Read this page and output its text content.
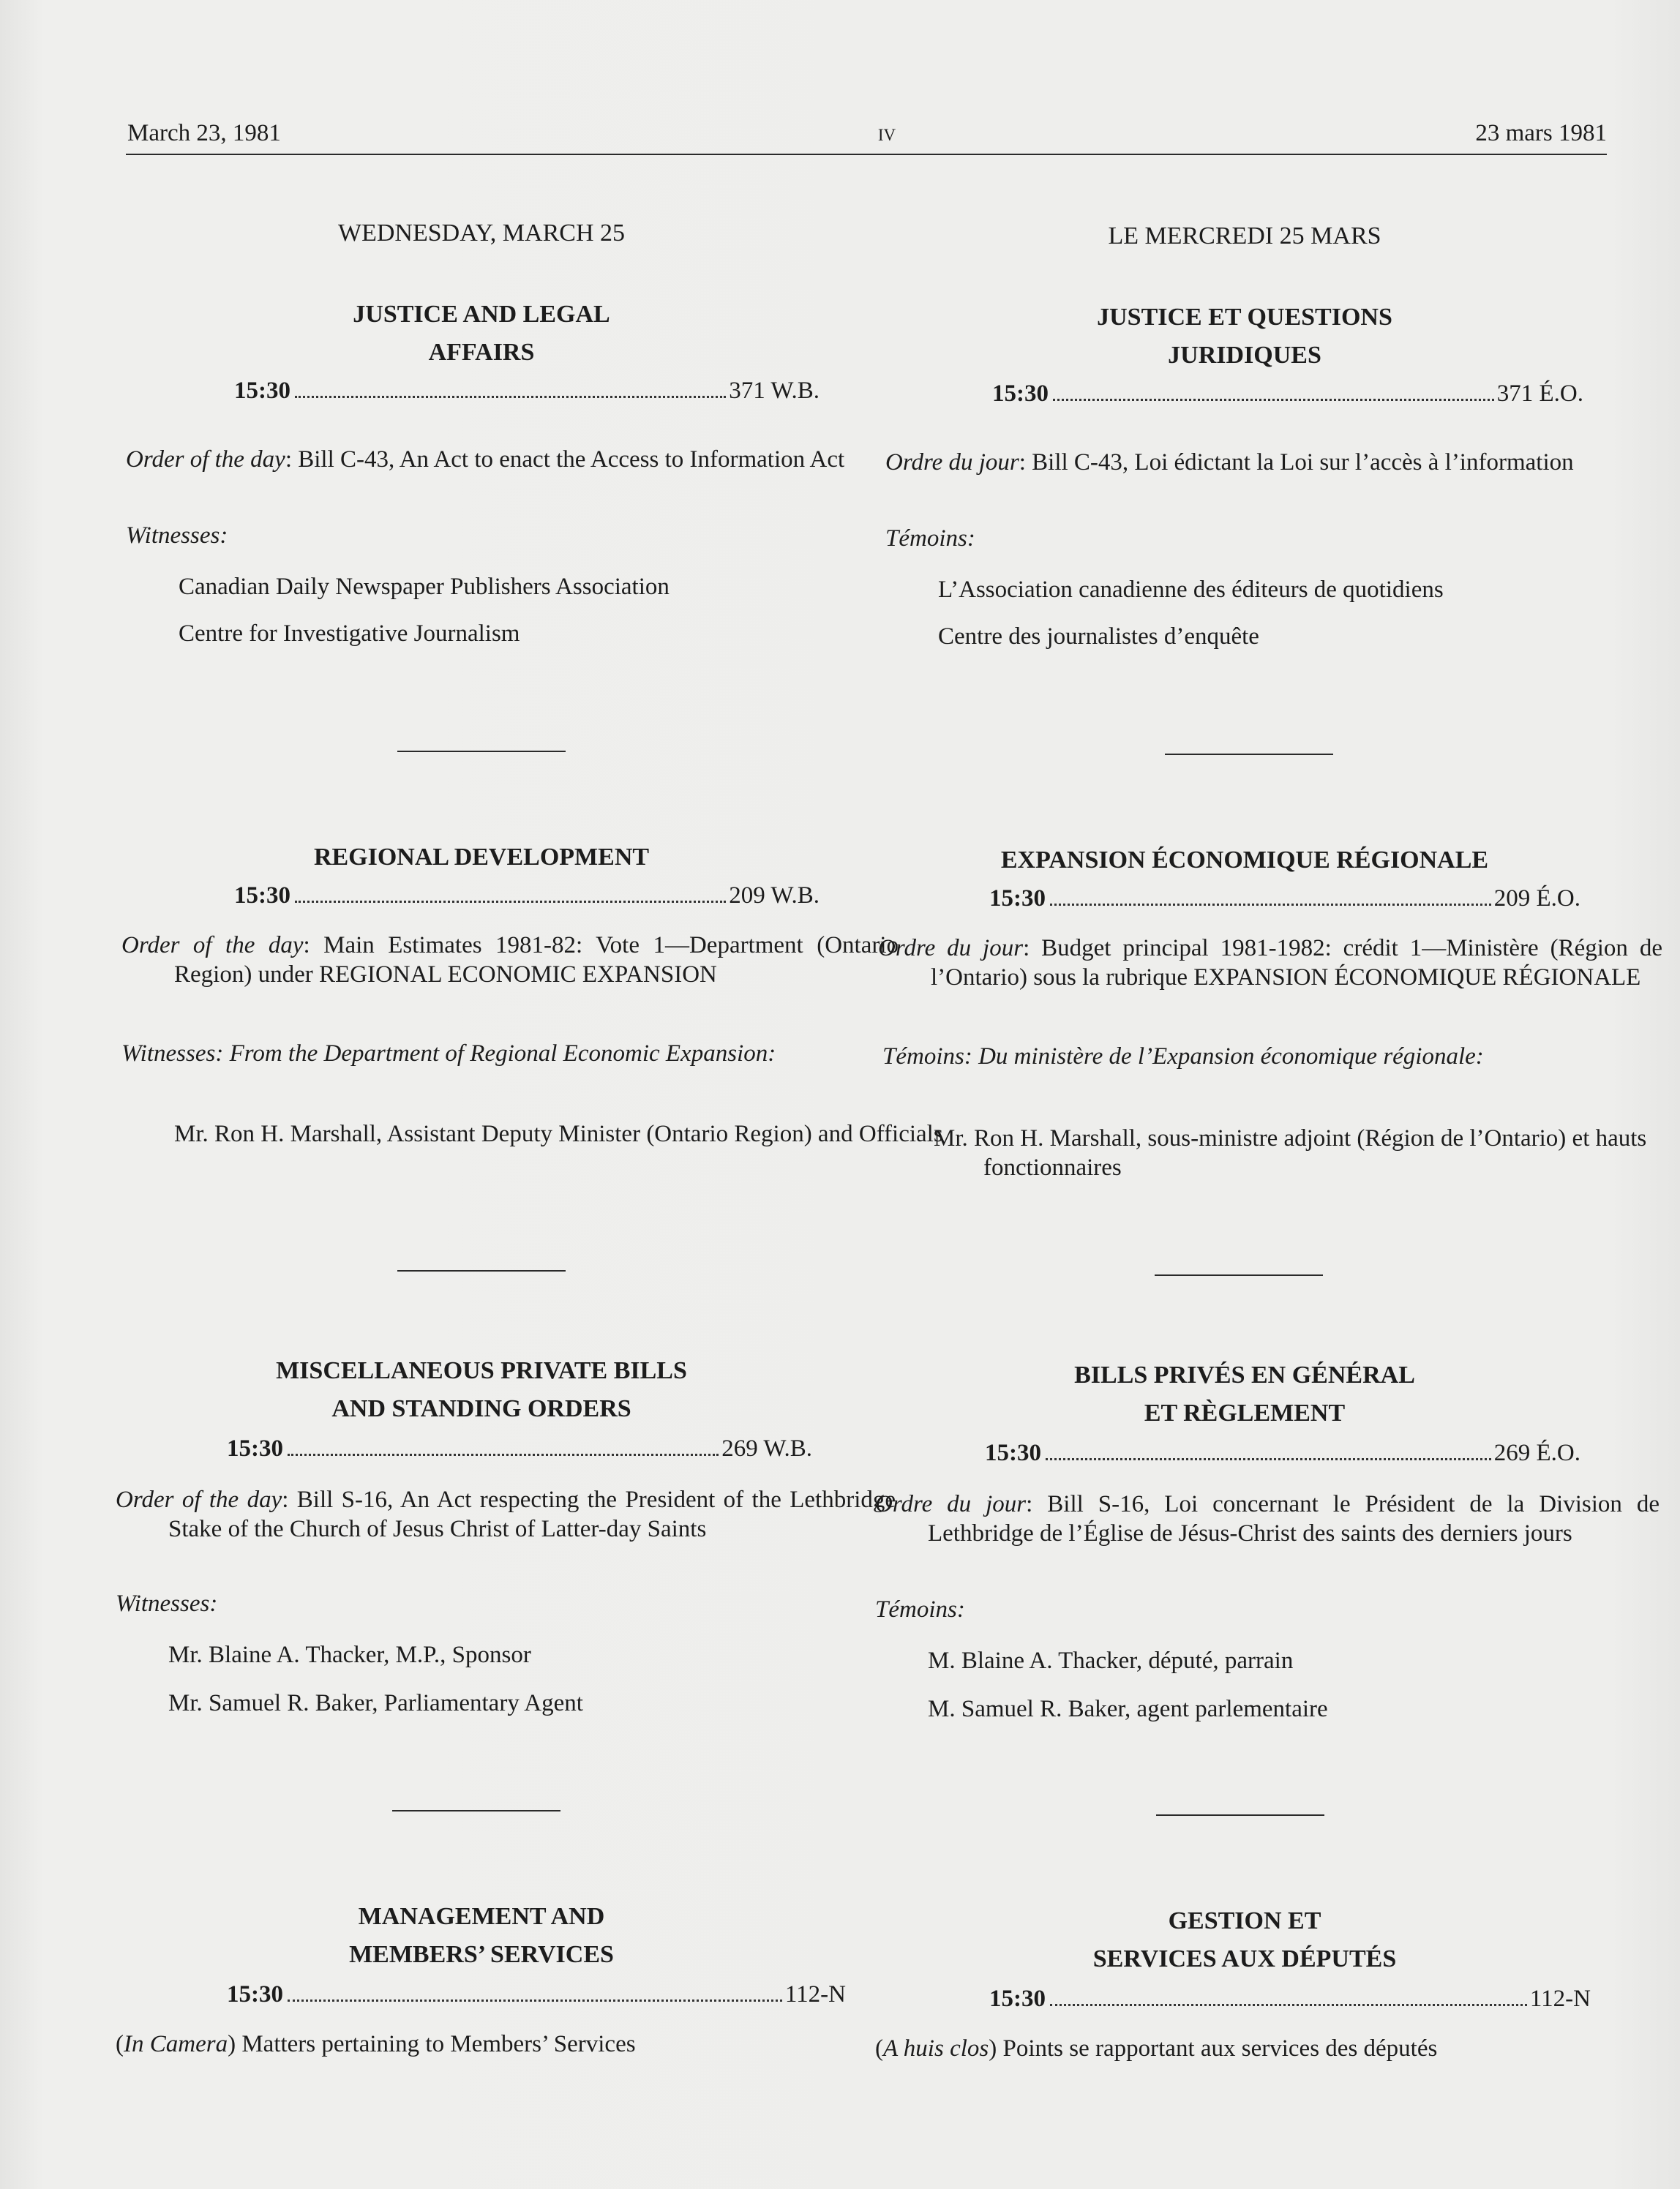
March 23, 1981	iv	23 mars 1981
WEDNESDAY, MARCH 25
JUSTICE AND LEGAL
AFFAIRS
15:30	371 W.B.
Order of the day: Bill C-43, An Act to enact the Access to Information Act
Witnesses:
Canadian Daily Newspaper Publishers Association
Centre for Investigative Journalism
REGIONAL DEVELOPMENT
15:30	209 W.B.
Order of the day: Main Estimates 1981-82: Vote 1—Department (Ontario Region) under REGIONAL ECONOMIC EXPANSION
Witnesses: From the Department of Regional Economic Expansion:
Mr. Ron H. Marshall, Assistant Deputy Minister (Ontario Region) and Officials
MISCELLANEOUS PRIVATE BILLS
AND STANDING ORDERS
15:30	269 W.B.
Order of the day: Bill S-16, An Act respecting the President of the Lethbridge Stake of the Church of Jesus Christ of Latter-day Saints
Witnesses:
Mr. Blaine A. Thacker, M.P., Sponsor
Mr. Samuel R. Baker, Parliamentary Agent
MANAGEMENT AND
MEMBERS’ SERVICES
15:30	112-N
(In Camera) Matters pertaining to Members’ Services
LE MERCREDI 25 MARS
JUSTICE ET QUESTIONS
JURIDIQUES
15:30	371 É.O.
Ordre du jour: Bill C-43, Loi édictant la Loi sur l’accès à l’information
Témoins:
L’Association canadienne des éditeurs de quotidiens
Centre des journalistes d’enquête
EXPANSION ÉCONOMIQUE RÉGIONALE
15:30	209 É.O.
Ordre du jour: Budget principal 1981-1982: crédit 1—Ministère (Région de l’Ontario) sous la rubrique EXPANSION ÉCONOMIQUE RÉGIONALE
Témoins: Du ministère de l’Expansion économique régionale:
Mr. Ron H. Marshall, sous-ministre adjoint (Région de l’Ontario) et hauts fonctionnaires
BILLS PRIVÉS EN GÉNÉRAL
ET RÈGLEMENT
15:30	269 É.O.
Ordre du jour: Bill S-16, Loi concernant le Président de la Division de Lethbridge de l’Église de Jésus-Christ des saints des derniers jours
Témoins:
M. Blaine A. Thacker, député, parrain
M. Samuel R. Baker, agent parlementaire
GESTION ET
SERVICES AUX DÉPUTÉS
15:30	112-N
(A huis clos) Points se rapportant aux services des députés
